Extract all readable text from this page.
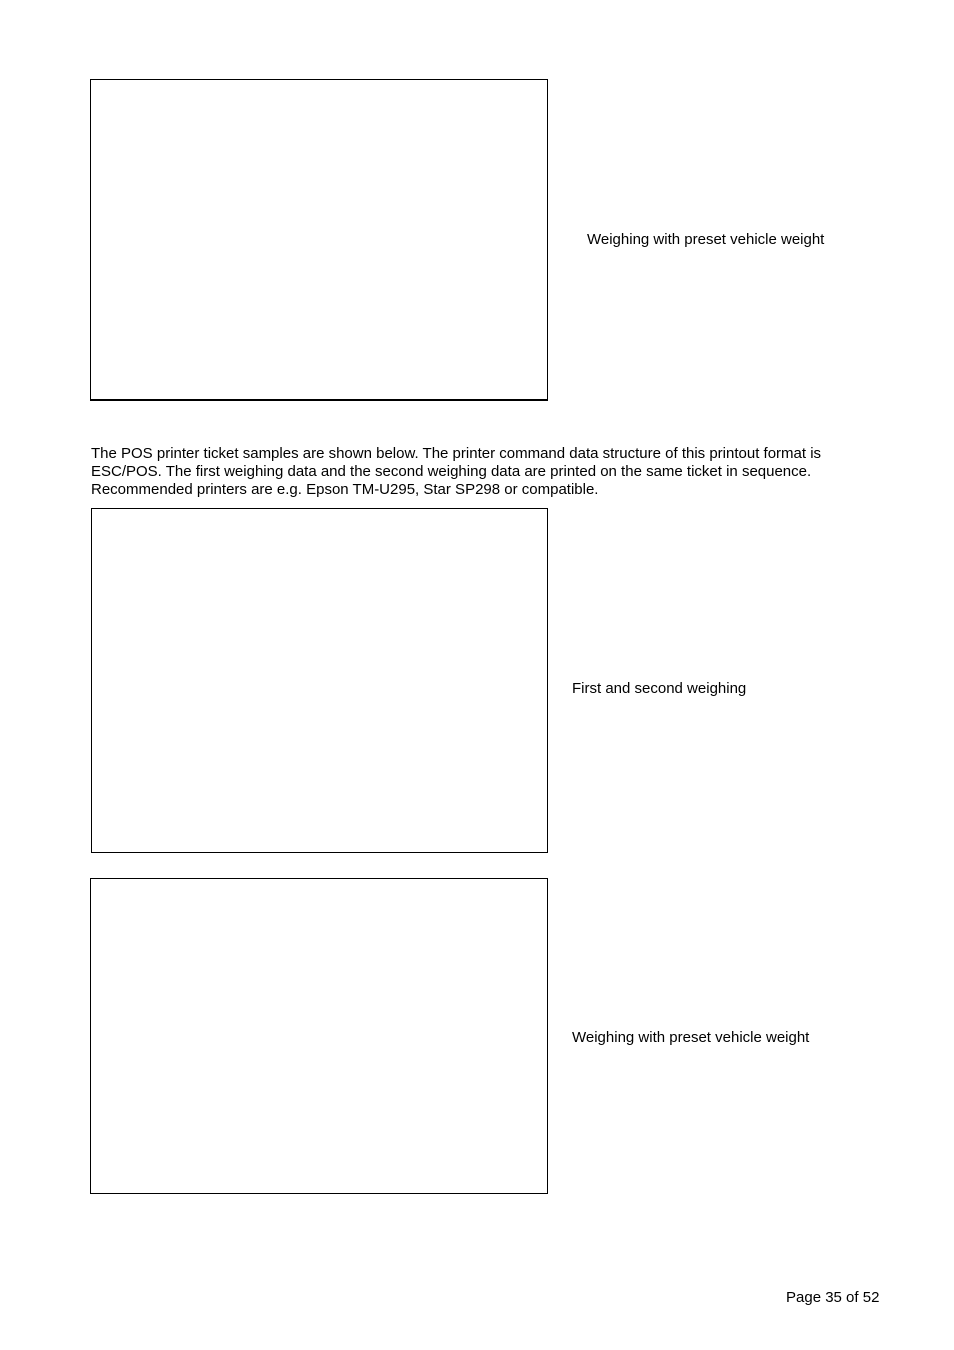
Weighing with preset vehicle weight
The POS printer ticket samples are shown below. The printer command data structure of this printout format is
ESC/POS. The first weighing data and the second weighing data are printed on the same ticket in sequence.
Recommended printers are e.g. Epson TM-U295, Star SP298 or compatible.
First and second weighing
Weighing with preset vehicle weight
Page 35 of 52
